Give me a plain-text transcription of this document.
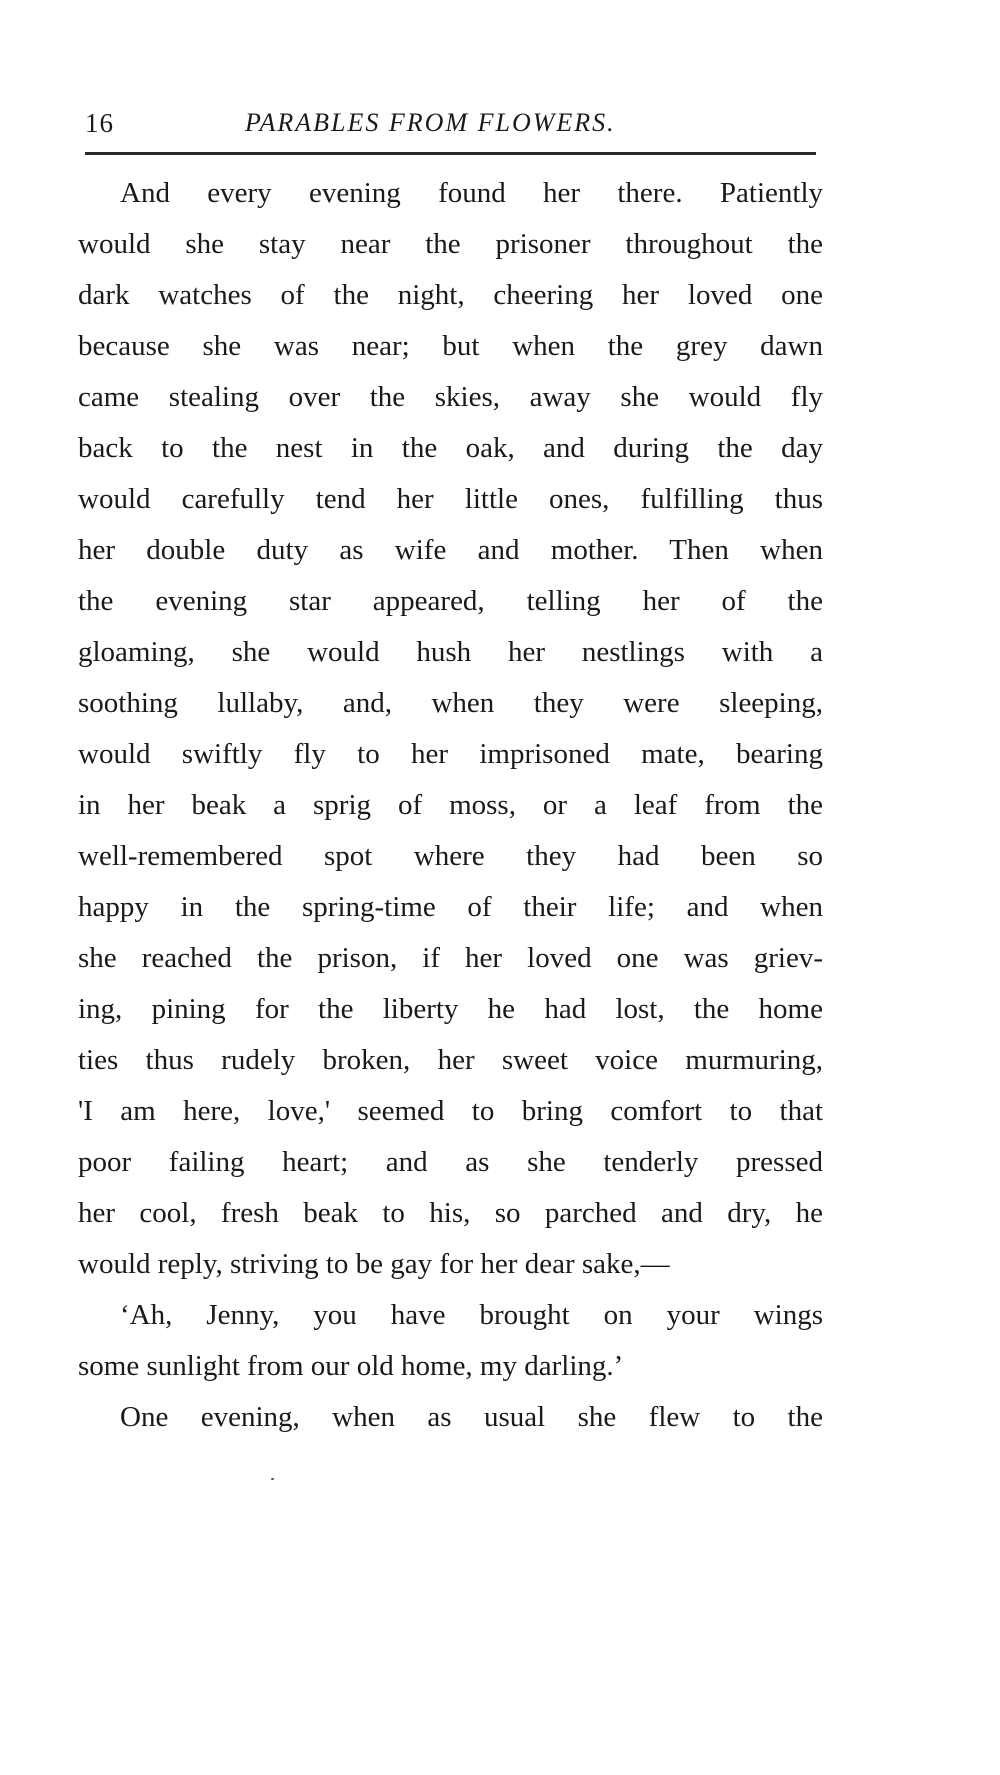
16	PARABLES FROM FLOWERS.
And every evening found her there. Patiently
would she stay near the prisoner throughout the
dark watches of the night, cheering her loved one
because she was near; but when the grey dawn
came stealing over the skies, away she would fly
back to the nest in the oak, and during the day
would carefully tend her little ones, fulfilling thus
her double duty as wife and mother. Then when
the evening star appeared, telling her of the
gloaming, she would hush her nestlings with a
soothing lullaby, and, when they were sleeping,
would swiftly fly to her imprisoned mate, bearing
in her beak a sprig of moss, or a leaf from the
well-remembered spot where they had been so
happy in the spring-time of their life; and when
she reached the prison, if her loved one was griev-
ing, pining for the liberty he had lost, the home
ties thus rudely broken, her sweet voice murmuring,
'I am here, love,' seemed to bring comfort to that
poor failing heart; and as she tenderly pressed
her cool, fresh beak to his, so parched and dry, he
would reply, striving to be gay for her dear sake,—
‘Ah, Jenny, you have brought on your wings
some sunlight from our old home, my darling.’
One evening, when as usual she flew to the
